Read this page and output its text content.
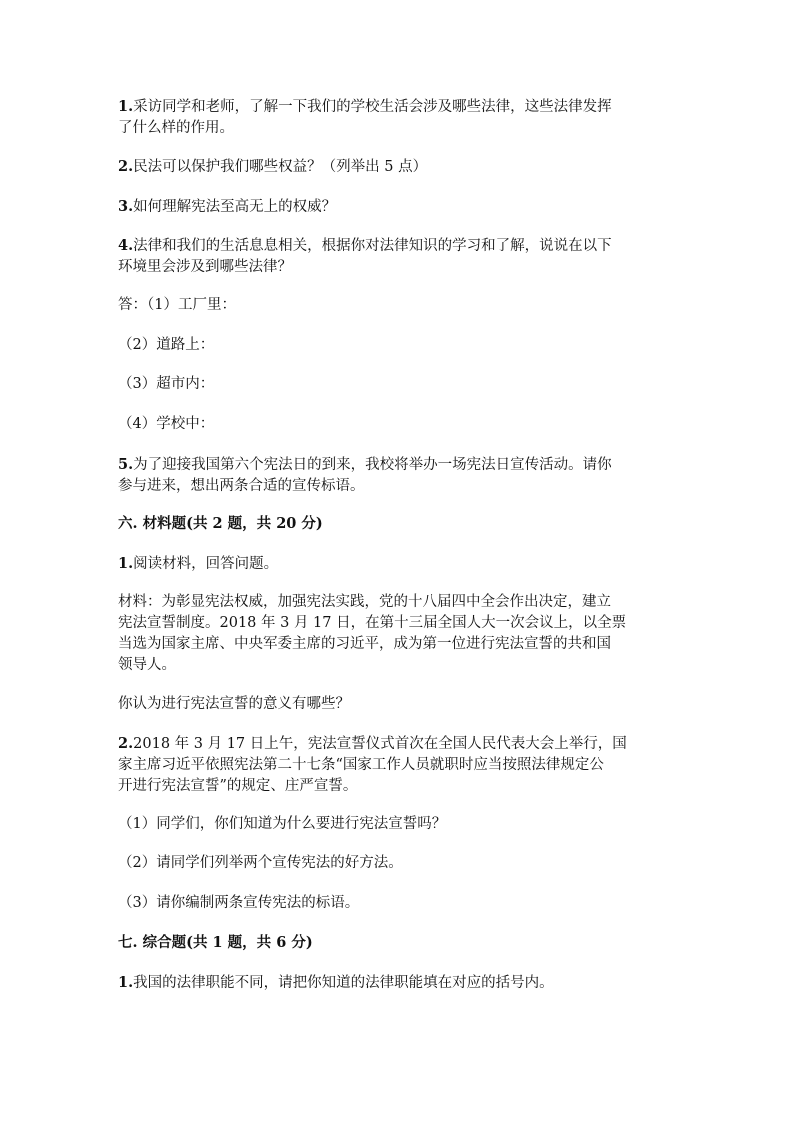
1.采访同学和老师，了解一下我们的学校生活会涉及哪些法律，这些法律发挥
了什么样的作用。
2.民法可以保护我们哪些权益？（列举出 5 点）
3.如何理解宪法至高无上的权威？
4.法律和我们的生活息息相关，根据你对法律知识的学习和了解，说说在以下
环境里会涉及到哪些法律？
答：（1）工厂里：
（2）道路上：
（3）超市内：
（4）学校中：
5.为了迎接我国第六个宪法日的到来，我校将举办一场宪法日宣传活动。请你
参与进来，想出两条合适的宣传标语。
六. 材料题(共 2 题，共 20 分)
1.阅读材料，回答问题。
材料：为彰显宪法权威，加强宪法实践，党的十八届四中全会作出决定，建立
宪法宣誓制度。2018 年 3 月 17 日，在第十三届全国人大一次会议上，以全票
当选为国家主席、中央军委主席的习近平，成为第一位进行宪法宣誓的共和国
领导人。
你认为进行宪法宣誓的意义有哪些？
2.2018 年 3 月 17 日上午，宪法宣誓仪式首次在全国人民代表大会上举行，国
家主席习近平依照宪法第二十七条“国家工作人员就职时应当按照法律规定公
开进行宪法宣誓”的规定、庄严宣誓。
（1）同学们，你们知道为什么要进行宪法宣誓吗？
（2）请同学们列举两个宣传宪法的好方法。
（3）请你编制两条宣传宪法的标语。
七. 综合题(共 1 题，共 6 分)
1.我国的法律职能不同，请把你知道的法律职能填在对应的括号内。
